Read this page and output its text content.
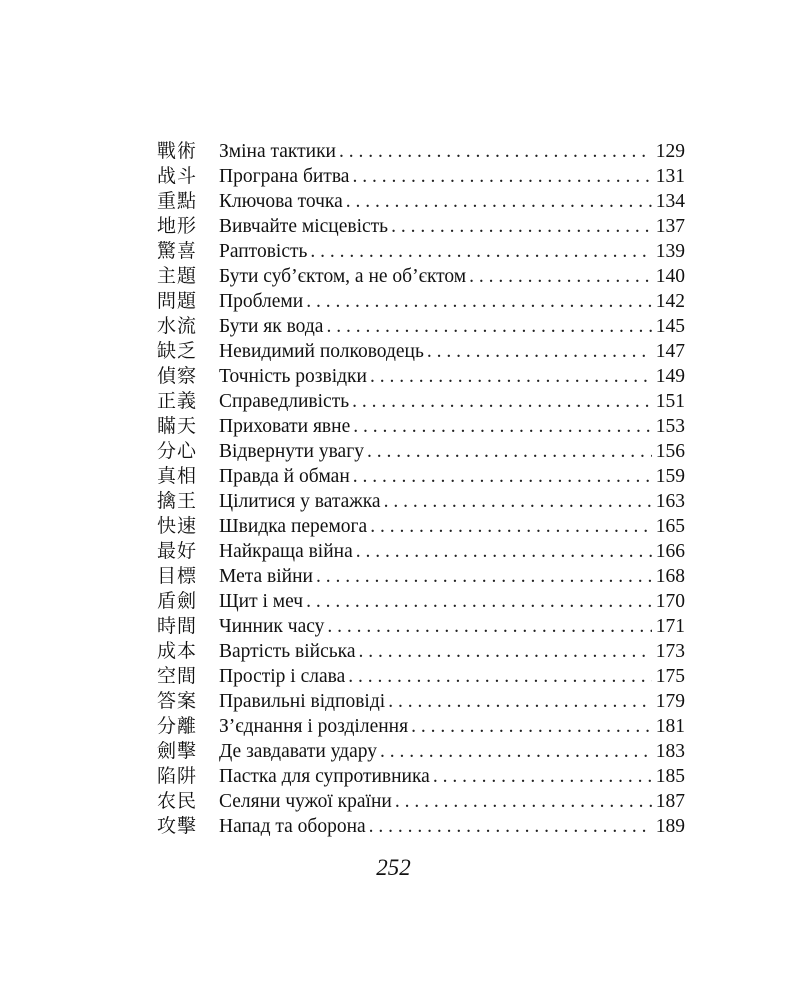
戰術	Зміна тактики . . .	129
战斗	Програна битва . . .	131
重點	Ключова точка . . .	134
地形	Вивчайте місцевість . . .	137
驚喜	Раптовість . . .	139
主題	Бути суб’єктом, а не об’єктом . . .	140
問題	Проблеми . . .	142
水流	Бути як вода . . .	145
缺乏	Невидимий полководець . . .	147
偵察	Точність розвідки . . .	149
正義	Справедливість . . .	151
瞞天	Приховати явне . . .	153
分心	Відвернути увагу . . .	156
真相	Правда й обман . . .	159
擒王	Цілитися у ватажка . . .	163
快速	Швидка перемога . . .	165
最好	Найкраща війна . . .	166
目標	Мета війни . . .	168
盾劍	Щит і меч . . .	170
時間	Чинник часу . . .	171
成本	Вартість війська . . .	173
空間	Простір і слава . . .	175
答案	Правильні відповіді . . .	179
分離	З’єднання і розділення . . .	181
劍擊	Де завдавати удару . . .	183
陷阱	Пастка для супротивника . . .	185
农民	Селяни чужої країни . . .	187
攻擊	Напад та оборона . . .	189
252
